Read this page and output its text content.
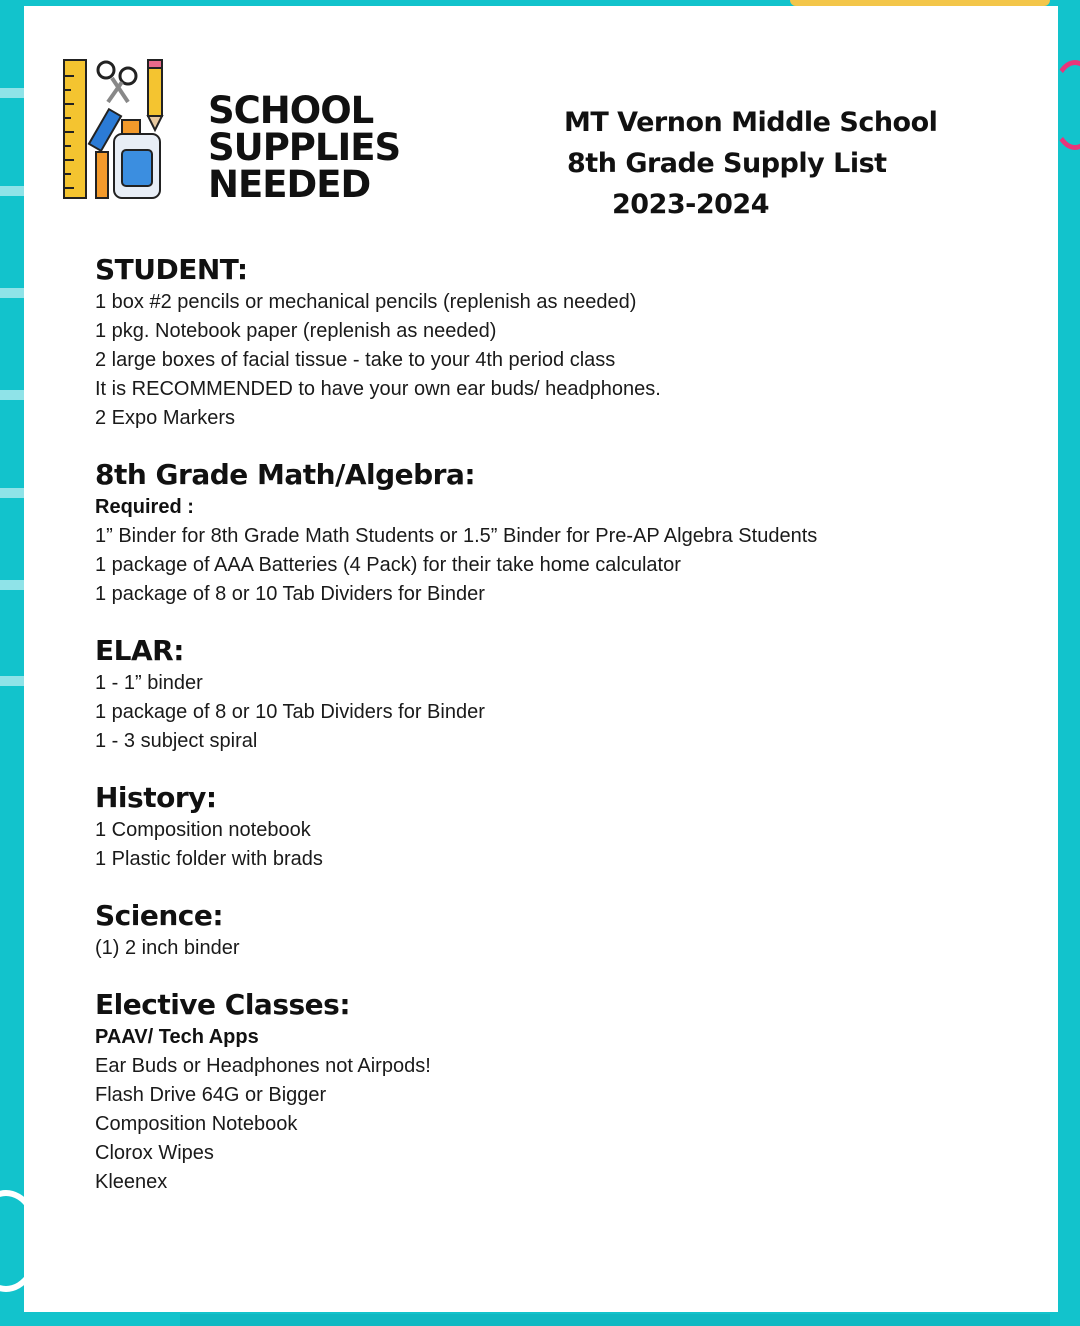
SCHOOL
SUPPLIES
NEEDED
MT Vernon Middle School
8th Grade Supply List
2023-2024
STUDENT:
1 box #2 pencils or mechanical pencils (replenish as needed)
1 pkg. Notebook paper (replenish as needed)
2 large boxes of facial tissue - take to your 4th period class
It is RECOMMENDED to have your own ear buds/ headphones.
2 Expo Markers
8th Grade Math/Algebra:
Required :
1” Binder for 8th Grade Math Students or 1.5” Binder for Pre-AP Algebra Students
1 package of AAA Batteries (4 Pack) for their take home calculator
1 package of 8 or 10 Tab Dividers for Binder
ELAR:
1 - 1” binder
1 package of 8 or 10 Tab Dividers for Binder
1 - 3 subject spiral
History:
1 Composition notebook
1 Plastic folder with brads
Science:
(1) 2 inch binder
Elective Classes:
PAAV/ Tech Apps
Ear Buds or Headphones not Airpods!
Flash Drive 64G or Bigger
Composition Notebook
Clorox Wipes
Kleenex
